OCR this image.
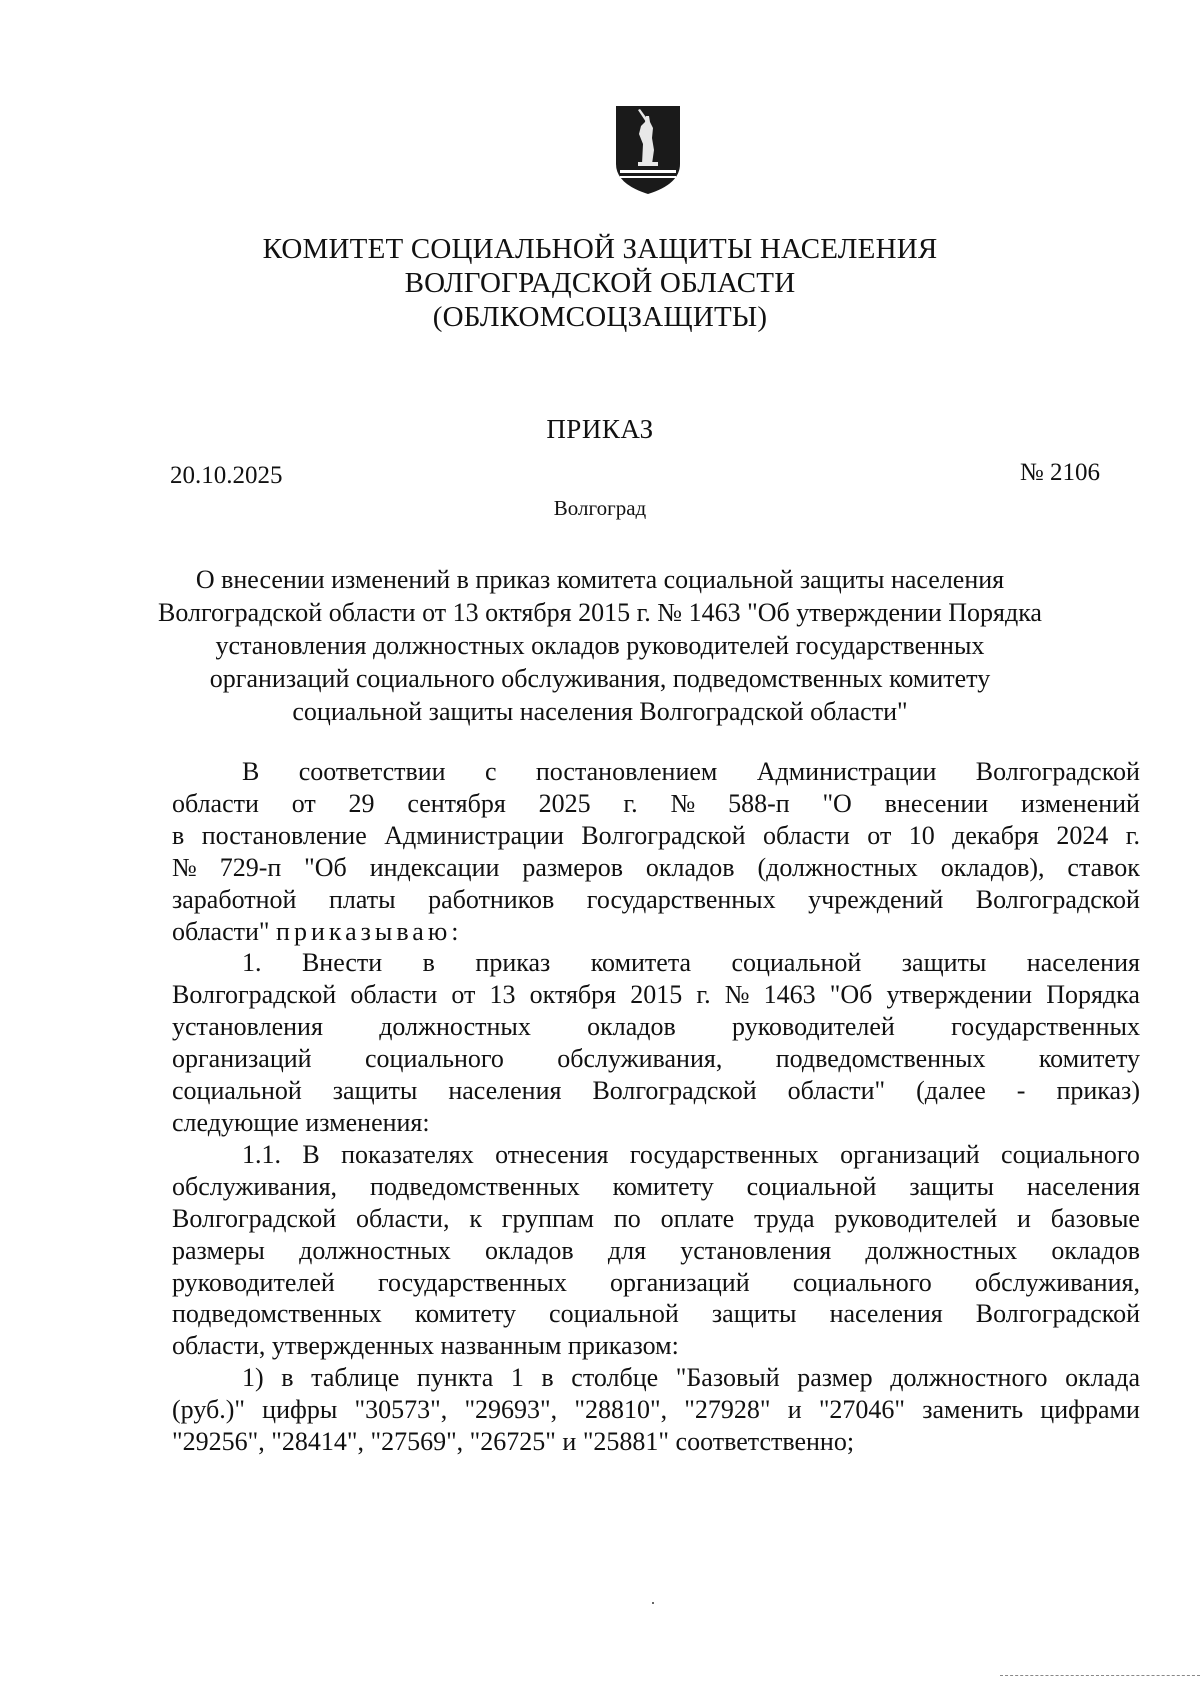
КОМИТЕТ СОЦИАЛЬНОЙ ЗАЩИТЫ НАСЕЛЕНИЯ
ВОЛГОГРАДСКОЙ ОБЛАСТИ
(ОБЛКОМСОЦЗАЩИТЫ)
ПРИКАЗ
20.10.2025	№ 2106
Волгоград
О внесении изменений в приказ комитета социальной защиты населения
Волгоградской области от 13 октября 2015 г. № 1463 "Об утверждении Порядка
установления должностных окладов руководителей государственных
организаций социального обслуживания, подведомственных комитету
социальной защиты населения Волгоградской области"
В соответствии с постановлением Администрации Волгоградской
области от 29 сентября 2025 г. № 588-п "О внесении изменений
в постановление Администрации Волгоградской области от 10 декабря 2024 г.
№ 729-п "Об индексации размеров окладов (должностных окладов), ставок
заработной платы работников государственных учреждений Волгоградской
области" приказываю:
1. Внести в приказ комитета социальной защиты населения
Волгоградской области от 13 октября 2015 г. № 1463 "Об утверждении Порядка
установления должностных окладов руководителей государственных
организаций социального обслуживания, подведомственных комитету
социальной защиты населения Волгоградской области" (далее - приказ)
следующие изменения:
1.1. В показателях отнесения государственных организаций социального
обслуживания, подведомственных комитету социальной защиты населения
Волгоградской области, к группам по оплате труда руководителей и базовые
размеры должностных окладов для установления должностных окладов
руководителей государственных организаций социального обслуживания,
подведомственных комитету социальной защиты населения Волгоградской
области, утвержденных названным приказом:
1) в таблице пункта 1 в столбце "Базовый размер должностного оклада
(руб.)" цифры "30573", "29693", "28810", "27928" и "27046" заменить цифрами
"29256", "28414", "27569", "26725" и "25881" соответственно;
